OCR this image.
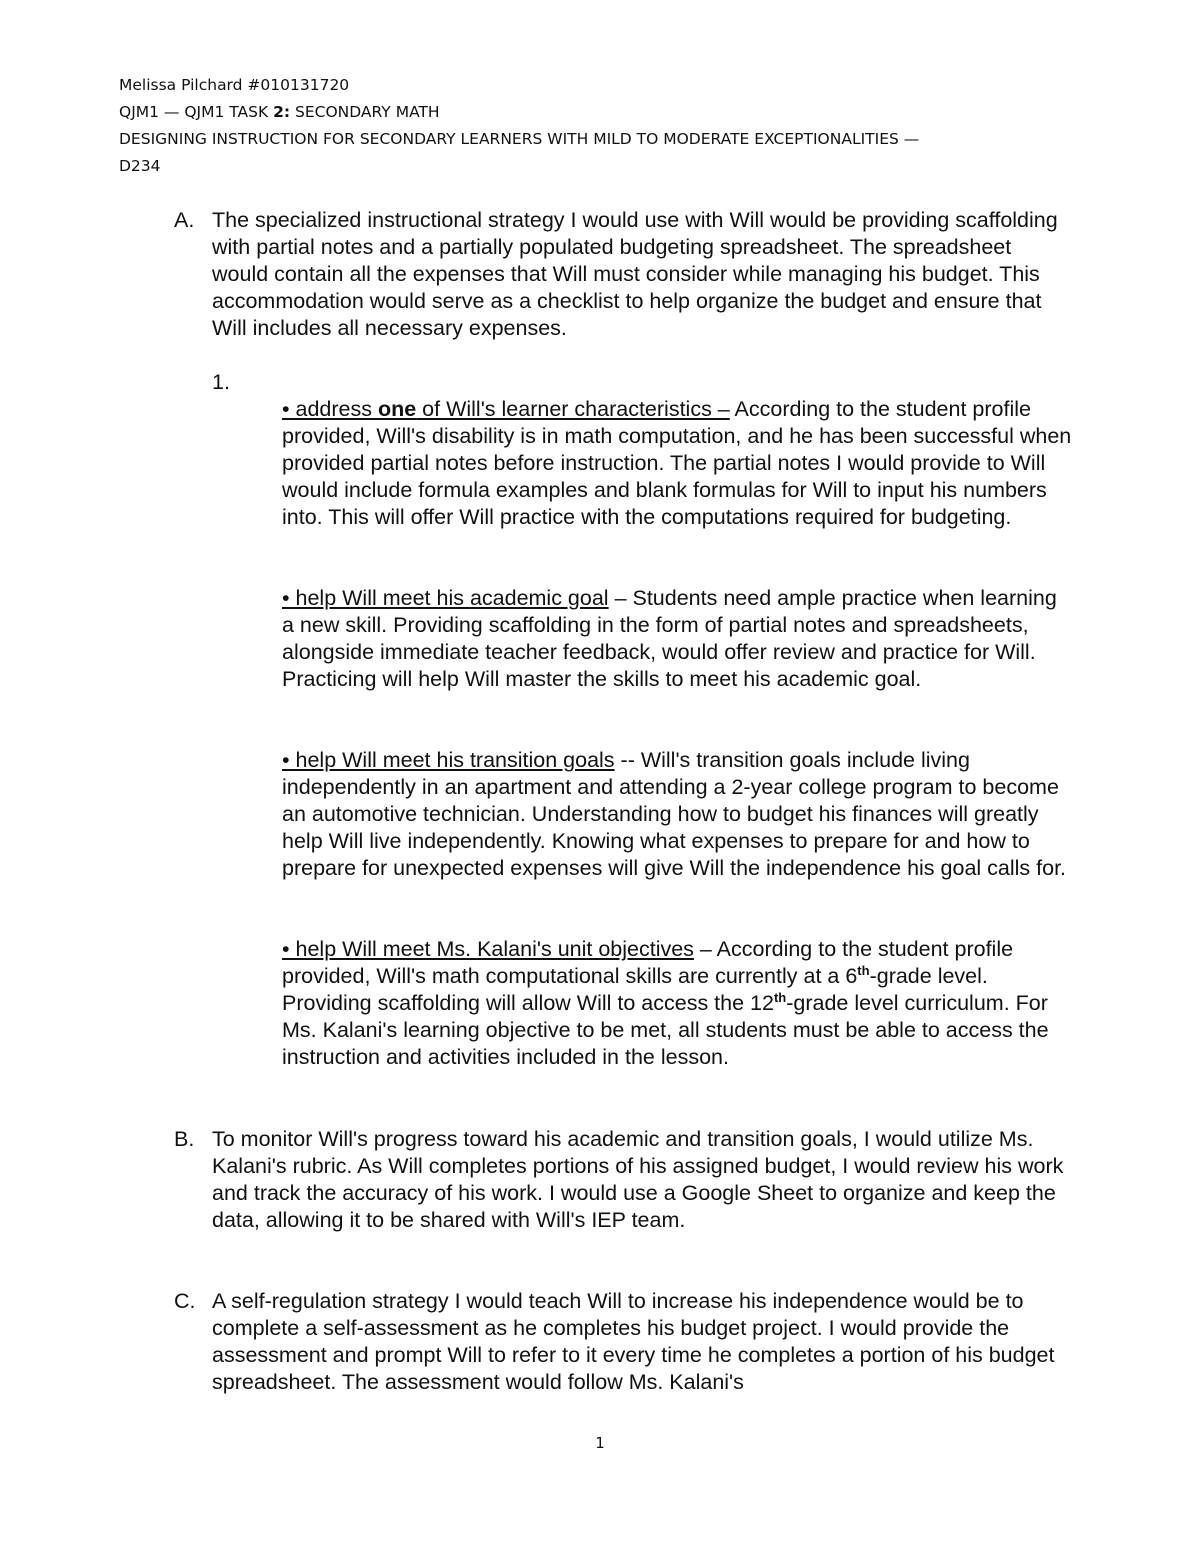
Melissa Pilchard #010131720
QJM1 — QJM1 TASK 2: SECONDARY MATH
DESIGNING INSTRUCTION FOR SECONDARY LEARNERS WITH MILD TO MODERATE EXCEPTIONALITIES —
D234
A. The specialized instructional strategy I would use with Will would be providing scaffolding with partial notes and a partially populated budgeting spreadsheet. The spreadsheet would contain all the expenses that Will must consider while managing his budget. This accommodation would serve as a checklist to help organize the budget and ensure that Will includes all necessary expenses.
1.
• address one of Will's learner characteristics – According to the student profile provided, Will's disability is in math computation, and he has been successful when provided partial notes before instruction. The partial notes I would provide to Will would include formula examples and blank formulas for Will to input his numbers into. This will offer Will practice with the computations required for budgeting.
• help Will meet his academic goal – Students need ample practice when learning a new skill. Providing scaffolding in the form of partial notes and spreadsheets, alongside immediate teacher feedback, would offer review and practice for Will. Practicing will help Will master the skills to meet his academic goal.
• help Will meet his transition goals -- Will's transition goals include living independently in an apartment and attending a 2-year college program to become an automotive technician. Understanding how to budget his finances will greatly help Will live independently. Knowing what expenses to prepare for and how to prepare for unexpected expenses will give Will the independence his goal calls for.
• help Will meet Ms. Kalani's unit objectives – According to the student profile provided, Will's math computational skills are currently at a 6th-grade level. Providing scaffolding will allow Will to access the 12th-grade level curriculum. For Ms. Kalani's learning objective to be met, all students must be able to access the instruction and activities included in the lesson.
B. To monitor Will's progress toward his academic and transition goals, I would utilize Ms. Kalani's rubric. As Will completes portions of his assigned budget, I would review his work and track the accuracy of his work. I would use a Google Sheet to organize and keep the data, allowing it to be shared with Will's IEP team.
C. A self-regulation strategy I would teach Will to increase his independence would be to complete a self-assessment as he completes his budget project. I would provide the assessment and prompt Will to refer to it every time he completes a portion of his budget spreadsheet. The assessment would follow Ms. Kalani's
1
